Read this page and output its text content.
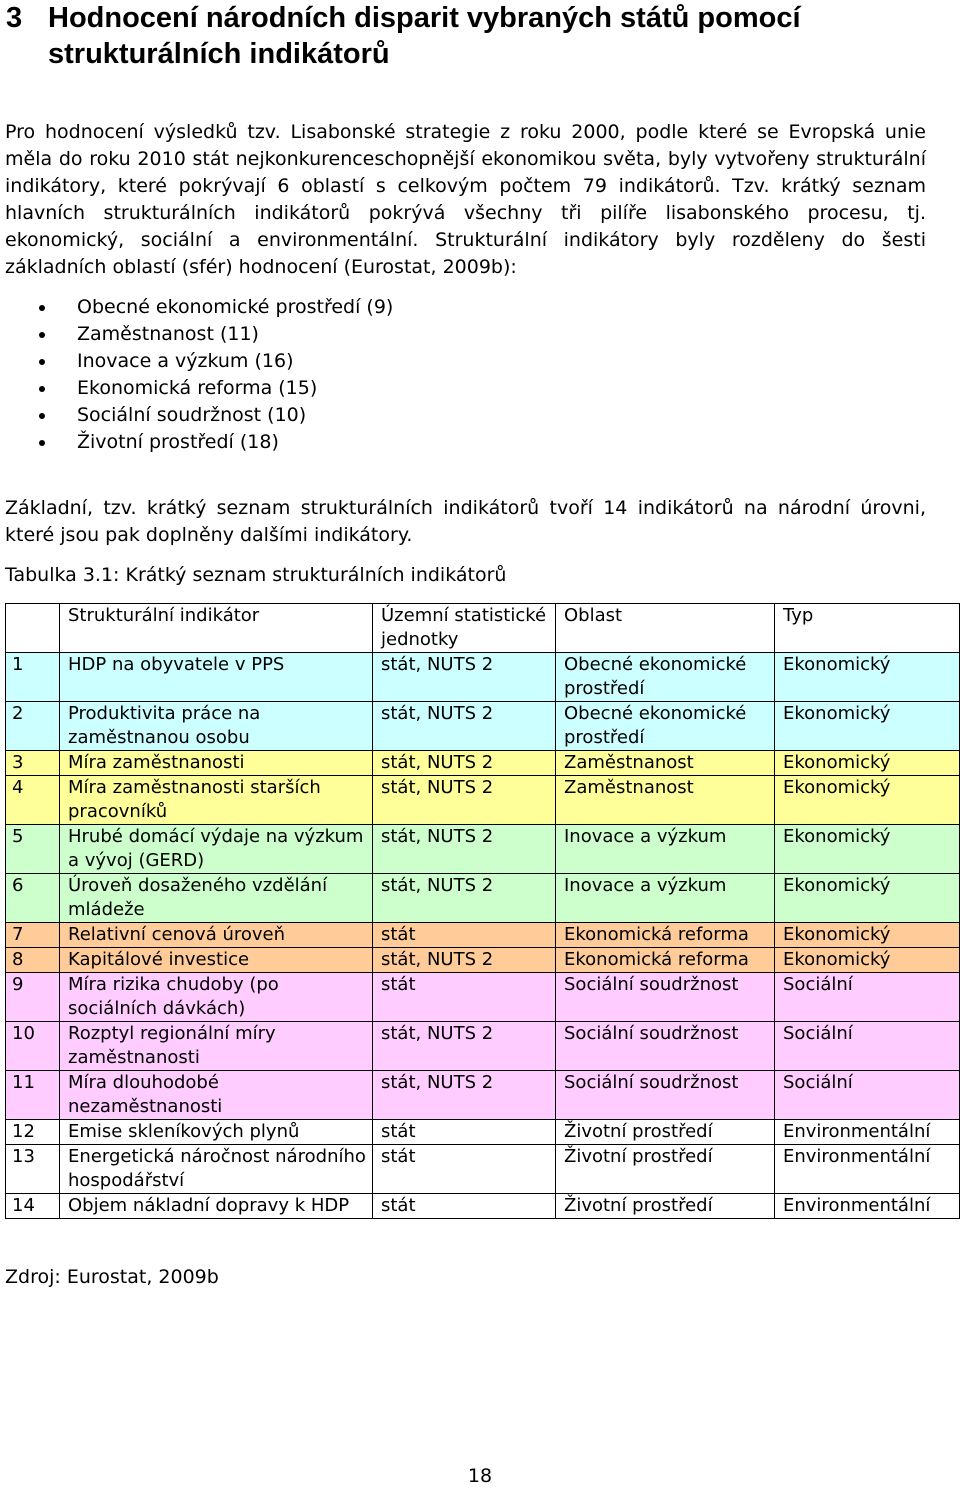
3 Hodnocení národních disparit vybraných států pomocí strukturálních indikátorů

Pro hodnocení výsledků tzv. Lisabonské strategie z roku 2000, podle které se Evropská unie měla do roku 2010 stát nejkonkurenceschopnější ekonomikou světa, byly vytvořeny strukturální indikátory, které pokrývají 6 oblastí s celkovým počtem 79 indikátorů. Tzv. krátký seznam hlavních strukturálních indikátorů pokrývá všechny tři pilíře lisabonského procesu, tj. ekonomický, sociální a environmentální. Strukturální indikátory byly rozděleny do šesti základních oblastí (sfér) hodnocení (Eurostat, 2009b):

Obecné ekonomické prostředí (9)
Zaměstnanost (11)
Inovace a výzkum (16)
Ekonomická reforma (15)
Sociální soudržnost (10)
Životní prostředí (18)

Základní, tzv. krátký seznam strukturálních indikátorů tvoří 14 indikátorů na národní úrovni, které jsou pak doplněny dalšími indikátory.

Tabulka 3.1: Krátký seznam strukturálních indikátorů

	Strukturální indikátor	Územní statistické jednotky	Oblast	Typ
1	HDP na obyvatele v PPS	stát, NUTS 2	Obecné ekonomické prostředí	Ekonomický
2	Produktivita práce na zaměstnanou osobu	stát, NUTS 2	Obecné ekonomické prostředí	Ekonomický
3	Míra zaměstnanosti	stát, NUTS 2	Zaměstnanost	Ekonomický
4	Míra zaměstnanosti starších pracovníků	stát, NUTS 2	Zaměstnanost	Ekonomický
5	Hrubé domácí výdaje na výzkum a vývoj (GERD)	stát, NUTS 2	Inovace a výzkum	Ekonomický
6	Úroveň dosaženého vzdělání mládeže	stát, NUTS 2	Inovace a výzkum	Ekonomický
7	Relativní cenová úroveň	stát	Ekonomická reforma	Ekonomický
8	Kapitálové investice	stát, NUTS 2	Ekonomická reforma	Ekonomický
9	Míra rizika chudoby (po sociálních dávkách)	stát	Sociální soudržnost	Sociální
10	Rozptyl regionální míry zaměstnanosti	stát, NUTS 2	Sociální soudržnost	Sociální
11	Míra dlouhodobé nezaměstnanosti	stát, NUTS 2	Sociální soudržnost	Sociální
12	Emise skleníkových plynů	stát	Životní prostředí	Environmentální
13	Energetická náročnost národního hospodářství	stát	Životní prostředí	Environmentální
14	Objem nákladní dopravy k HDP	stát	Životní prostředí	Environmentální

Zdroj: Eurostat, 2009b

18
